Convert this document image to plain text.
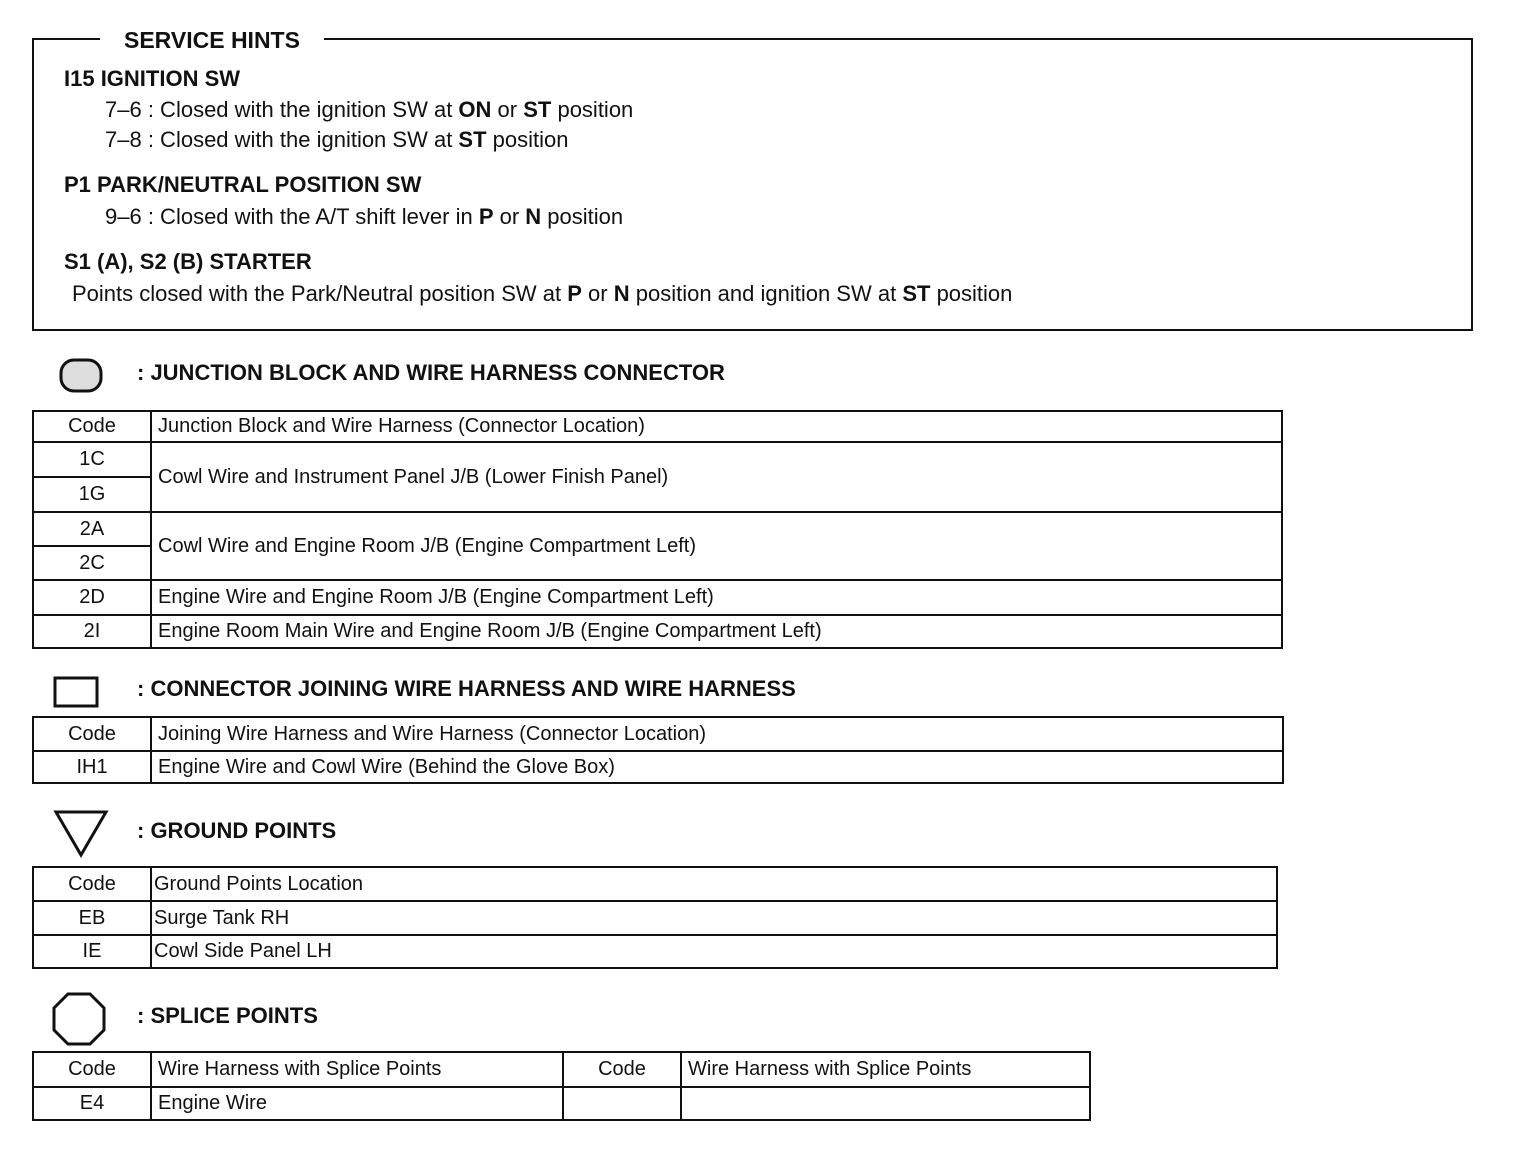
SERVICE HINTS
I15 IGNITION SW
7–6 : Closed with the ignition SW at ON or ST position
7–8 : Closed with the ignition SW at ST position
P1 PARK/NEUTRAL POSITION SW
9–6 : Closed with the A/T shift lever in P or N position
S1 (A), S2 (B) STARTER
Points closed with the Park/Neutral position SW at P or N position and ignition SW at ST position
: JUNCTION BLOCK AND WIRE HARNESS CONNECTOR
Code	Junction Block and Wire Harness (Connector Location)
1C	Cowl Wire and Instrument Panel J/B (Lower Finish Panel)
1G	
2A	Cowl Wire and Engine Room J/B (Engine Compartment Left)
2C	
2D	Engine Wire and Engine Room J/B (Engine Compartment Left)
2I	Engine Room Main Wire and Engine Room J/B (Engine Compartment Left)
: CONNECTOR JOINING WIRE HARNESS AND WIRE HARNESS
Code	Joining Wire Harness and Wire Harness (Connector Location)
IH1	Engine Wire and Cowl Wire (Behind the Glove Box)
: GROUND POINTS
Code	Ground Points Location
EB	Surge Tank RH
IE	Cowl Side Panel LH
: SPLICE POINTS
Code	Wire Harness with Splice Points	Code	Wire Harness with Splice Points
E4	Engine Wire		
